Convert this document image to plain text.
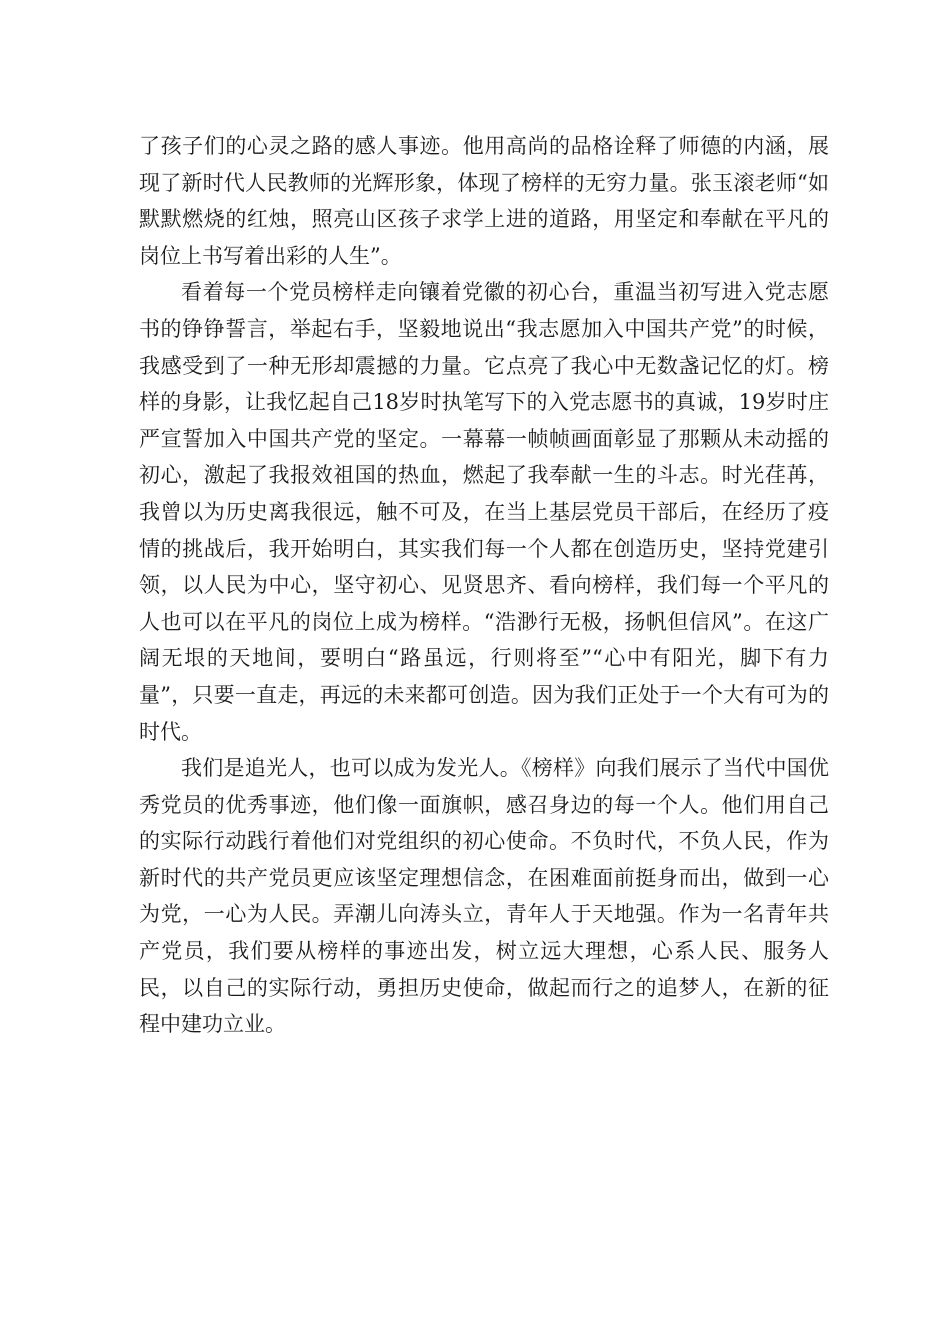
了孩子们的心灵之路的感人事迹。他用高尚的品格诠释了师德的内涵，展现了新时代人民教师的光辉形象，体现了榜样的无穷力量。张玉滚老师“如默默燃烧的红烛，照亮山区孩子求学上进的道路，用坚定和奉献在平凡的岗位上书写着出彩的人生”。

看着每一个党员榜样走向镶着党徽的初心台，重温当初写进入党志愿书的铮铮誓言，举起右手，坚毅地说出“我志愿加入中国共产党”的时候，我感受到了一种无形却震撼的力量。它点亮了我心中无数盏记忆的灯。榜样的身影，让我忆起自己18岁时执笔写下的入党志愿书的真诚，19岁时庄严宣誓加入中国共产党的坚定。一幕幕一帧帧画面彰显了那颗从未动摇的初心，激起了我报效祖国的热血，燃起了我奉献一生的斗志。时光荏苒，我曾以为历史离我很远，触不可及，在当上基层党员干部后，在经历了疫情的挑战后，我开始明白，其实我们每一个人都在创造历史，坚持党建引领，以人民为中心，坚守初心、见贤思齐、看向榜样，我们每一个平凡的人也可以在平凡的岗位上成为榜样。“浩渺行无极，扬帆但信风”。在这广阔无垠的天地间，要明白“路虽远，行则将至”“心中有阳光，脚下有力量”，只要一直走，再远的未来都可创造。因为我们正处于一个大有可为的时代。

我们是追光人，也可以成为发光人。《榜样》向我们展示了当代中国优秀党员的优秀事迹，他们像一面旗帜，感召身边的每一个人。他们用自己的实际行动践行着他们对党组织的初心使命。不负时代，不负人民，作为新时代的共产党员更应该坚定理想信念，在困难面前挺身而出，做到一心为党，一心为人民。弄潮儿向涛头立，青年人于天地强。作为一名青年共产党员，我们要从榜样的事迹出发，树立远大理想，心系人民、服务人民，以自己的实际行动，勇担历史使命，做起而行之的追梦人，在新的征程中建功立业。
